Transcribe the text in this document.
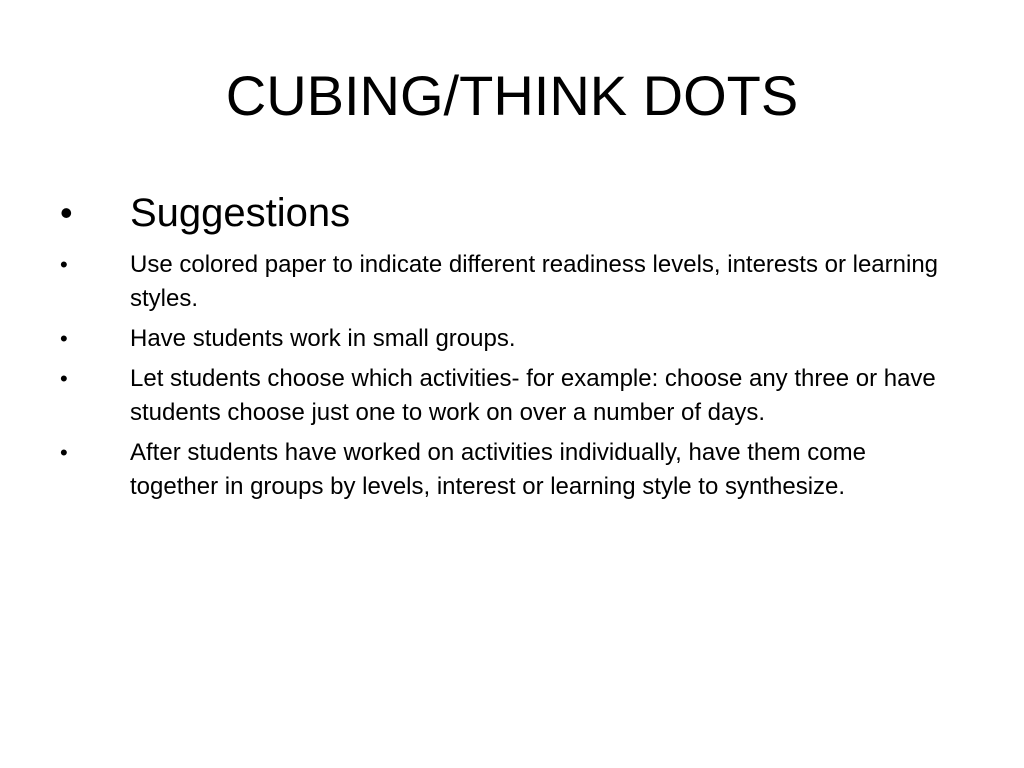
CUBING/THINK DOTS
• Suggestions
•	Use colored paper to indicate different readiness levels, interests or learning styles.
•	Have students work in small groups.
•	Let students choose which activities- for example: choose any three or have students choose just one to work on over a number of days.
•	After students have worked on activities individually, have them come together in groups by levels, interest or learning style to synthesize.
